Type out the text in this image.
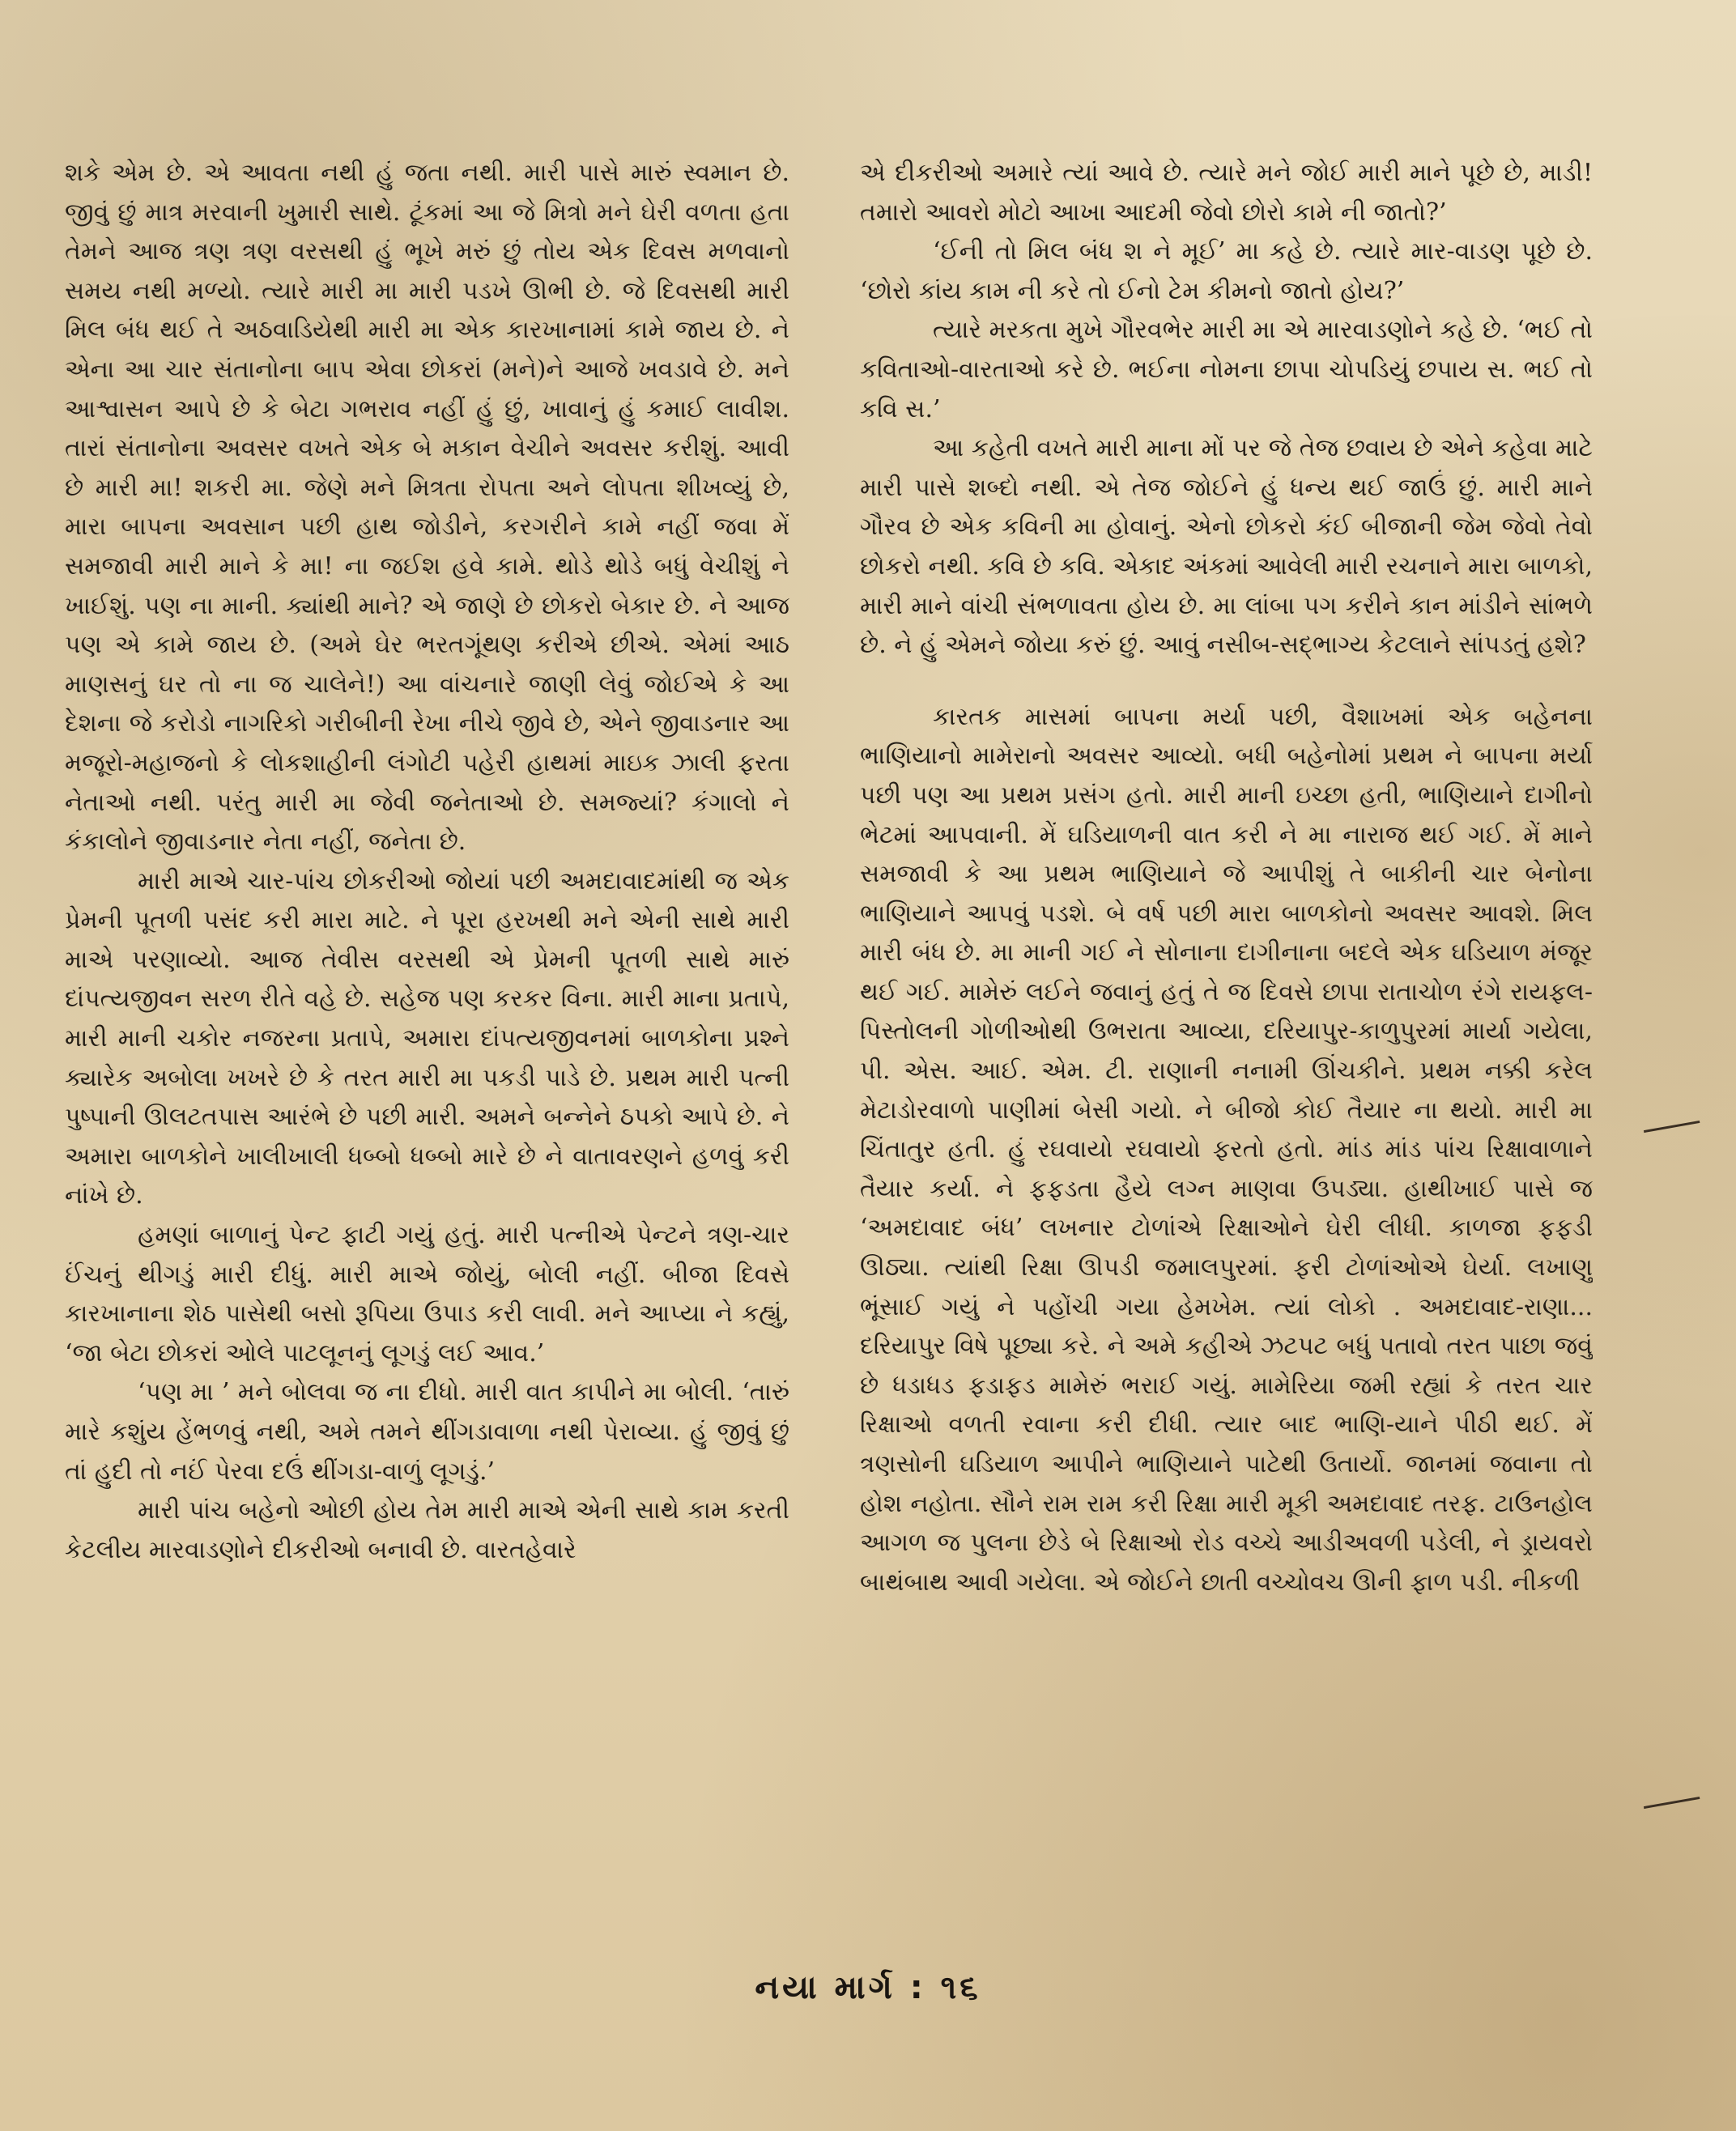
શકે એમ છે. એ આવતા નથી હું જતા નથી. મારી પાસે મારું સ્વમાન છે. જીવું છું માત્ર મરવાની ખુમારી સાથે. ટૂંકમાં આ જે મિત્રો મને ઘેરી વળતા હતા તેમને આજ ત્રણ ત્રણ વરસથી હું ભૂખે મરું છું તોય એક દિવસ મળવાનો સમય નથી મળ્યો. ત્યારે મારી મા મારી પડખે ઊભી છે. જે દિવસથી મારી મિલ બંધ થઈ તે અઠવાડિયેથી મારી મા એક કારખાનામાં કામે જાય છે. ને એના આ ચાર સંતાનોના બાપ એવા છોકરાં (મને)ને આજે ખવડાવે છે. મને આશ્વાસન આપે છે કે બેટા ગભરાવ નહીં હું છું, ખાવાનું હું કમાઈ લાવીશ. તારાં સંતાનોના અવસર વખતે એક બે મકાન વેચીને અવસર કરીશું. આવી છે મારી મા! શકરી મા. જેણે મને મિત્રતા રોપતા અને લોપતા શીખવ્યું છે, મારા બાપના અવસાન પછી હાથ જોડીને, કરગરીને કામે નહીં જવા મેં સમજાવી મારી માને કે મા! ના જઈશ હવે કામે. થોડે થોડે બધું વેચીશું ને ખાઈશું. પણ ના માની. ક્યાંથી માને? એ જાણે છે છોકરો બેકાર છે. ને આજ પણ એ કામે જાય છે. (અમે ઘેર ભરતગૂંથણ કરીએ છીએ. એમાં આઠ માણસનું ઘર તો ના જ ચાલેને!) આ વાંચનારે જાણી લેવું જોઈએ કે આ દેશના જે કરોડો નાગરિકો ગરીબીની રેખા નીચે જીવે છે, એને જીવાડનાર આ મજૂરો-મહાજનો કે લોકશાહીની લંગોટી પહેરી હાથમાં માઇક ઝાલી ફરતા નેતાઓ નથી. પરંતુ મારી મા જેવી જનેતાઓ છે. સમજ્યાં? કંગાલો ને કંકાલોને જીવાડનાર નેતા નહીં, જનેતા છે.

મારી માએ ચાર-પાંચ છોકરીઓ જોયાં પછી અમદાવાદમાંથી જ એક પ્રેમની પૂતળી પસંદ કરી મારા માટે. ને પૂરા હરખથી મને એની સાથે મારી માએ પરણાવ્યો. આજ તેવીસ વરસથી એ પ્રેમની પૂતળી સાથે મારું દાંપત્યજીવન સરળ રીતે વહે છે. સહેજ પણ કરકર વિના. મારી માના પ્રતાપે, મારી માની ચકોર નજરના પ્રતાપે, અમારા દાંપત્યજીવનમાં બાળકોના પ્રશ્ને ક્યારેક અબોલા ખખરે છે કે તરત મારી મા પકડી પાડે છે. પ્રથમ મારી પત્ની પુષ્પાની ઊલટતપાસ આરંભે છે પછી મારી. અમને બન્નેને ઠપકો આપે છે. ને અમારા બાળકોને ખાલીખાલી ધબ્બો ધબ્બો મારે છે ને વાતાવરણને હળવું કરી નાંખે છે.

હમણાં બાળાનું પેન્ટ ફાટી ગયું હતું. મારી પત્નીએ પેન્ટને ત્રણ-ચાર ઈંચનું થીગડું મારી દીધું. મારી માએ જોયું, બોલી નહીં. બીજા દિવસે કારખાનાના શેઠ પાસેથી બસો રૂપિયા ઉપાડ કરી લાવી. મને આપ્યા ને કહ્યું, ‘જા બેટા છોકરાં ઓલે પાટલૂનનું લૂગડું લઈ આવ.’

‘પણ મા ’ મને બોલવા જ ના દીધો. મારી વાત કાપીને મા બોલી. ‘તારું મારે કશુંય હેંભળવું નથી, અમે તમને થીંગડાવાળા નથી પેરાવ્યા. હું જીવું છું તાં હુદી તો નઈં પેરવા દઉં થીંગડા-વાળું લૂગડું.’

મારી પાંચ બહેનો ઓછી હોય તેમ મારી માએ એની સાથે કામ કરતી કેટલીય મારવાડણોને દીકરીઓ બનાવી છે. વારતહેવારે

એ દીકરીઓ અમારે ત્યાં આવે છે. ત્યારે મને જોઈ મારી માને પૂછે છે, માડી! તમારો આવરો મોટો આખા આદમી જેવો છોરો કામે ની જાતો?’

‘ઈની તો મિલ બંધ શ ને મૂઈ’ મા કહે છે. ત્યારે માર-વાડણ પૂછે છે. ‘છોરો કાંય કામ ની કરે તો ઈનો ટેમ કીમનો જાતો હોય?’

ત્યારે મરકતા મુખે ગૌરવભેર મારી મા એ મારવાડણોને કહે છે. ‘ભઈ તો કવિતાઓ-વારતાઓ કરે છે. ભઈના નોમના છાપા ચોપડિયું છપાય સ. ભઈ તો કવિ સ.’

આ કહેતી વખતે મારી માના મોં પર જે તેજ છવાય છે એને કહેવા માટે મારી પાસે શબ્દો નથી. એ તેજ જોઈને હું ધન્ય થઈ જાઉં છું. મારી માને ગૌરવ છે એક કવિની મા હોવાનું. એનો છોકરો કંઈ બીજાની જેમ જેવો તેવો છોકરો નથી. કવિ છે કવિ. એકાદ અંકમાં આવેલી મારી રચનાને મારા બાળકો, મારી માને વાંચી સંભળાવતા હોય છે. મા લાંબા પગ કરીને કાન માંડીને સાંભળે છે. ને હું એમને જોયા કરું છું. આવું નસીબ-સદ્ભાગ્ય કેટલાને સાંપડતું હશે?

કારતક માસમાં બાપના મર્યા પછી, વૈશાખમાં એક બહેનના ભાણિયાનો મામેરાનો અવસર આવ્યો. બધી બહેનોમાં પ્રથમ ને બાપના મર્યા પછી પણ આ પ્રથમ પ્રસંગ હતો. મારી માની ઇચ્છા હતી, ભાણિયાને દાગીનો ભેટમાં આપવાની. મેં ઘડિયાળની વાત કરી ને મા નારાજ થઈ ગઈ. મેં માને સમજાવી કે આ પ્રથમ ભાણિયાને જે આપીશું તે બાકીની ચાર બેનોના ભાણિયાને આપવું પડશે. બે વર્ષ પછી મારા બાળકોનો અવસર આવશે. મિલ મારી બંધ છે. મા માની ગઈ ને સોનાના દાગીનાના બદલે એક ઘડિયાળ મંજૂર થઈ ગઈ. મામેરું લઈને જવાનું હતું તે જ દિવસે છાપા રાતાચોળ રંગે રાયફલ-પિસ્તોલની ગોળીઓથી ઉભરાતા આવ્યા, દરિયાપુર-કાળુપુરમાં માર્યા ગયેલા, પી. એસ. આઈ. એમ. ટી. રાણાની નનામી ઊંચકીને. પ્રથમ નક્કી કરેલ મેટાડોરવાળો પાણીમાં બેસી ગયો. ને બીજો કોઈ તૈયાર ના થયો. મારી મા ચિંતાતુર હતી. હું રઘવાયો રઘવાયો ફરતો હતો. માંડ માંડ પાંચ રિક્ષાવાળાને તૈયાર કર્યા. ને ફફડતા હૈયે લગ્ન માણવા ઉપડ્યા. હાથીખાઈ પાસે જ ‘અમદાવાદ બંધ’ લખનાર ટોળાંએ રિક્ષાઓને ઘેરી લીધી. કાળજા ફફડી ઊઠ્યા. ત્યાંથી રિક્ષા ઊપડી જમાલપુરમાં. ફરી ટોળાંઓએ ઘેર્યા. લખાણુ ભૂંસાઈ ગયું ને પહોંચી ગયા હેમખેમ. ત્યાં લોકો . અમદાવાદ-રાણા... દરિયાપુર વિષે પૂછ્યા કરે. ને અમે કહીએ ઝટપટ બધું પતાવો તરત પાછા જવું છે ધડાધડ ફડાફડ મામેરું ભરાઈ ગયું. મામેરિયા જમી રહ્યાં કે તરત ચાર રિક્ષાઓ વળતી રવાના કરી દીધી. ત્યાર બાદ ભાણિ-યાને પીઠી થઈ. મેં ત્રણસોની ઘડિયાળ આપીને ભાણિયાને પાટેથી ઉતાર્યો. જાનમાં જવાના તો હોશ નહોતા. સૌને રામ રામ કરી રિક્ષા મારી મૂકી અમદાવાદ તરફ. ટાઉનહોલ આગળ જ પુલના છેડે બે રિક્ષાઓ રોડ વચ્ચે આડીઅવળી પડેલી, ને ડ્રાયવરો બાથંબાથ આવી ગયેલા. એ જોઈને છાતી વચ્ચોવચ ઊની ફાળ પડી. નીકળી

નયા માર્ગ : ૧૬
